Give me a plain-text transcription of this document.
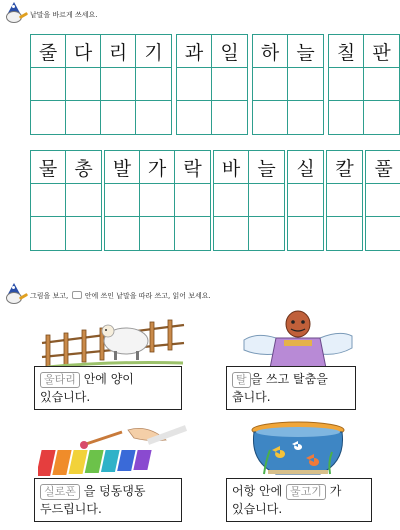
낱말을 바르게 쓰세요.
줄 다 리 기	과 일	하 늘	칠 판
물 총	발 가 락	바 늘	실	칼	풀
그림을 보고, 안에 쓰인 낱말을 따라 쓰고, 읽어 보세요.
울타리 안에 양이
있습니다.
탈 을 쓰고 탈춤을
춥니다.
실로폰 을 덩동댕동
두드립니다.
어항 안에 물고기 가
있습니다.
